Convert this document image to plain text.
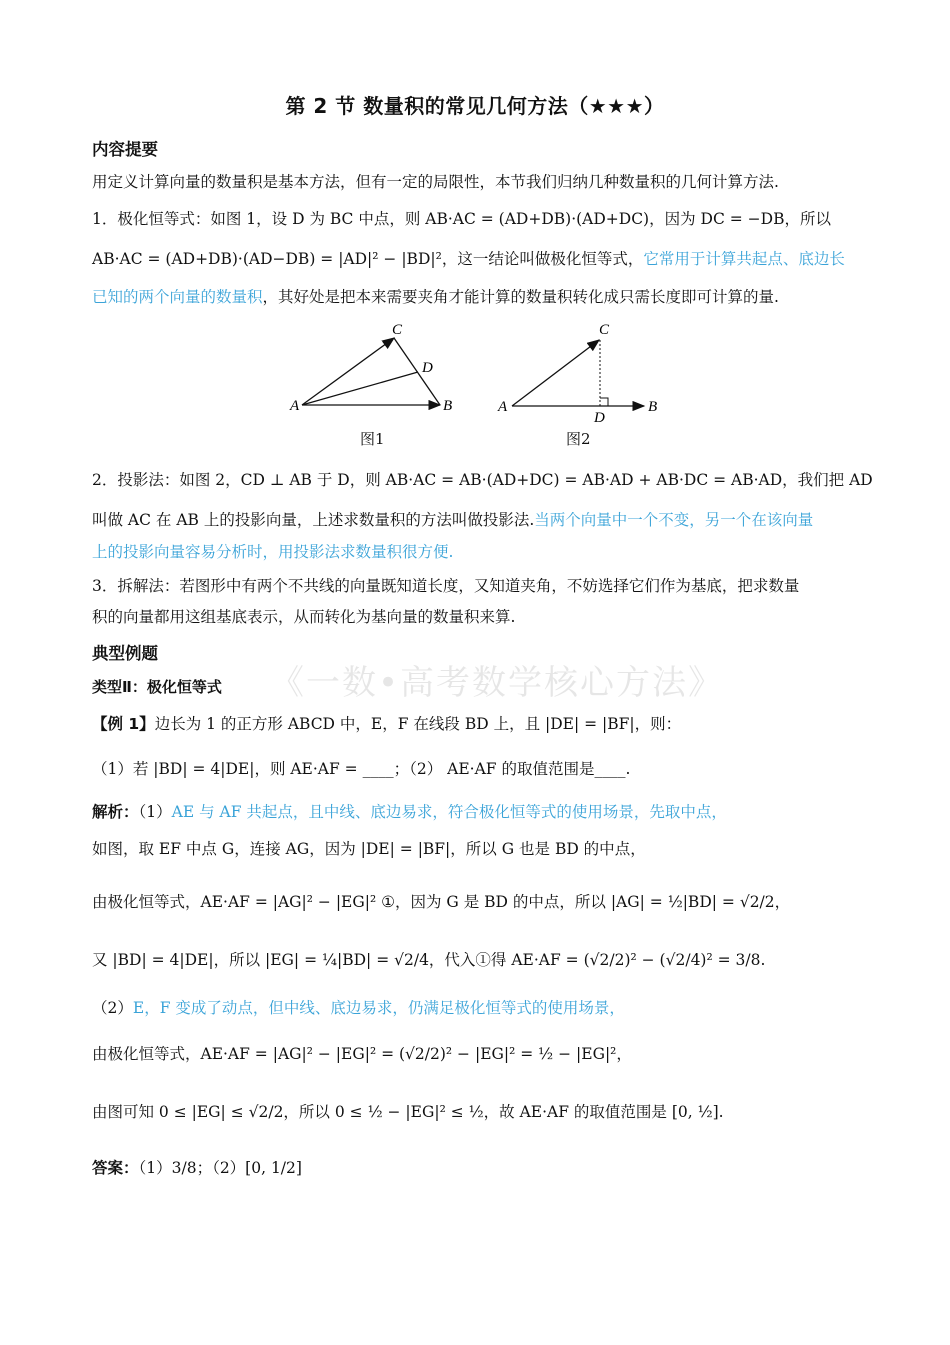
第 2 节 数量积的常见几何方法（★★★）
内容提要
用定义计算向量的数量积是基本方法，但有一定的局限性，本节我们归纳几种数量积的几何计算方法.
1．极化恒等式：如图 1，设 D 为 BC 中点，则 AB·AC = (AD+DB)·(AD+DC)，因为 DC = −DB，所以
AB·AC = (AD+DB)·(AD−DB) = |AD|² − |BD|²，这一结论叫做极化恒等式，它常用于计算共起点、底边长
已知的两个向量的数量积，其好处是把本来需要夹角才能计算的数量积转化成只需长度即可计算的量.
A	B
C
D
图1
A	B
C
D
图2
2．投影法：如图 2，CD ⊥ AB 于 D，则 AB·AC = AB·(AD+DC) = AB·AD + AB·DC = AB·AD，我们把 AD
叫做 AC 在 AB 上的投影向量，上述求数量积的方法叫做投影法.当两个向量中一个不变，另一个在该向量
上的投影向量容易分析时，用投影法求数量积很方便.
3．拆解法：若图形中有两个不共线的向量既知道长度，又知道夹角，不妨选择它们作为基底，把求数量
积的向量都用这组基底表示，从而转化为基向量的数量积来算.
典型例题
《一数•高考数学核心方法》
类型Ⅱ：极化恒等式
【例 1】边长为 1 的正方形 ABCD 中，E，F 在线段 BD 上，且 |DE| = |BF|，则：
（1）若 |BD| = 4|DE|，则 AE·AF = ____；（2） AE·AF 的取值范围是____.
解析：（1）AE 与 AF 共起点，且中线、底边易求，符合极化恒等式的使用场景，先取中点，
如图，取 EF 中点 G，连接 AG，因为 |DE| = |BF|，所以 G 也是 BD 的中点，
由极化恒等式，AE·AF = |AG|² − |EG|² ①，因为 G 是 BD 的中点，所以 |AG| = ½|BD| = √2/2，
又 |BD| = 4|DE|，所以 |EG| = ¼|BD| = √2/4，代入①得 AE·AF = (√2/2)² − (√2/4)² = 3/8.
（2）E，F 变成了动点，但中线、底边易求，仍满足极化恒等式的使用场景，
由极化恒等式，AE·AF = |AG|² − |EG|² = (√2/2)² − |EG|² = ½ − |EG|²，
由图可知 0 ≤ |EG| ≤ √2/2，所以 0 ≤ ½ − |EG|² ≤ ½，故 AE·AF 的取值范围是 [0, ½].
答案：（1）3/8；（2）[0, 1/2]
